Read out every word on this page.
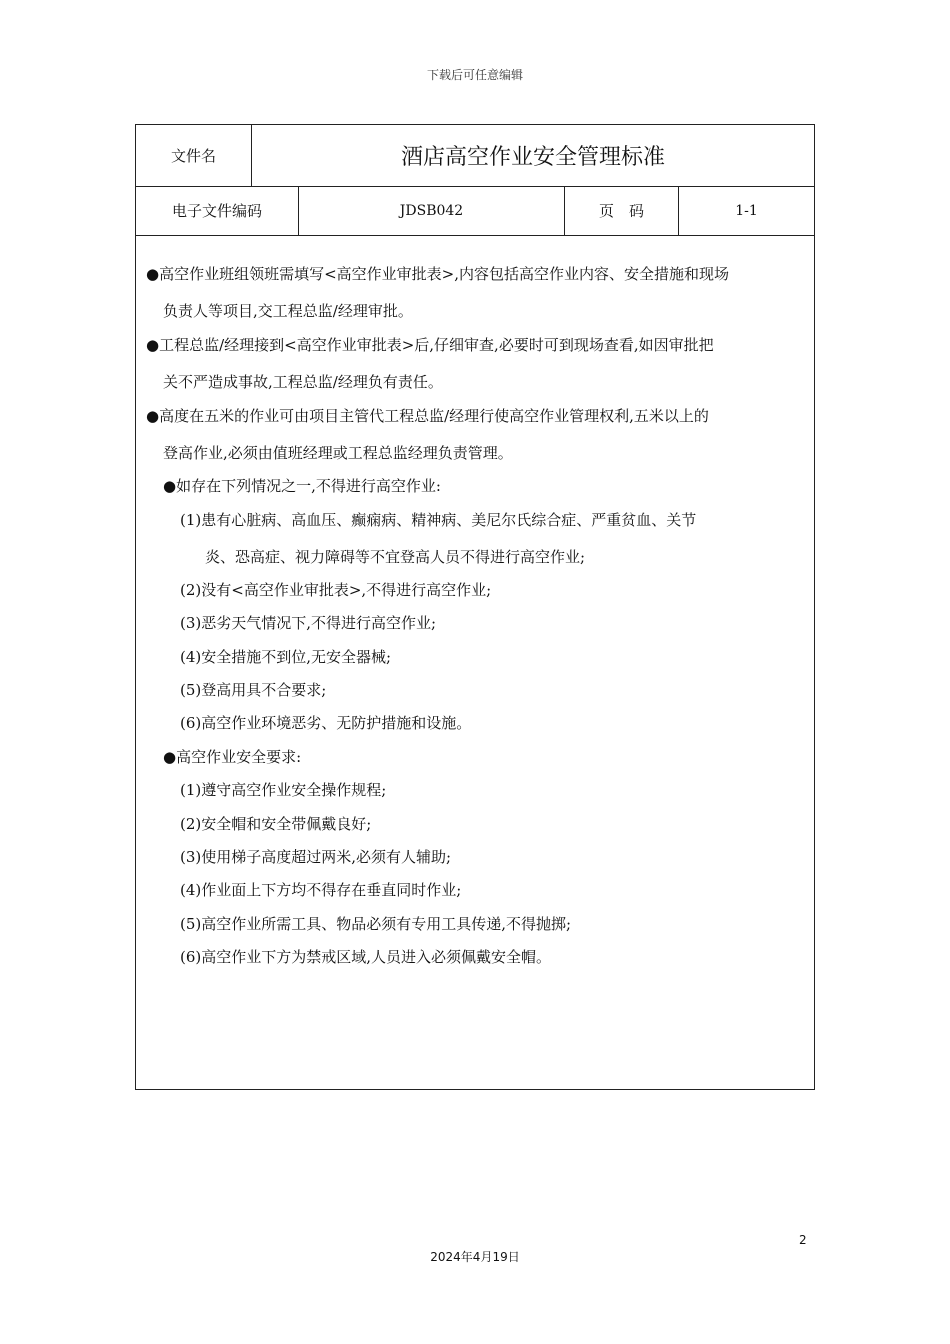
下载后可任意编辑
文件名	酒店高空作业安全管理标准
电子文件编码	JDSB042	页　码	1-1
●高空作业班组领班需填写<高空作业审批表>,内容包括高空作业内容、安全措施和现场
负责人等项目,交工程总监/经理审批。
●工程总监/经理接到<高空作业审批表>后,仔细审查,必要时可到现场查看,如因审批把
关不严造成事故,工程总监/经理负有责任。
●高度在五米的作业可由项目主管代工程总监/经理行使高空作业管理权利,五米以上的
登高作业,必须由值班经理或工程总监经理负责管理。
●如存在下列情况之一,不得进行高空作业:
(1)患有心脏病、高血压、癫痫病、精神病、美尼尔氏综合症、严重贫血、关节
炎、恐高症、视力障碍等不宜登高人员不得进行高空作业;
(2)没有<高空作业审批表>,不得进行高空作业;
(3)恶劣天气情况下,不得进行高空作业;
(4)安全措施不到位,无安全器械;
(5)登高用具不合要求;
(6)高空作业环境恶劣、无防护措施和设施。
●高空作业安全要求:
(1)遵守高空作业安全操作规程;
(2)安全帽和安全带佩戴良好;
(3)使用梯子高度超过两米,必须有人辅助;
(4)作业面上下方均不得存在垂直同时作业;
(5)高空作业所需工具、物品必须有专用工具传递,不得抛掷;
(6)高空作业下方为禁戒区域,人员进入必须佩戴安全帽。
2
2024年4月19日
